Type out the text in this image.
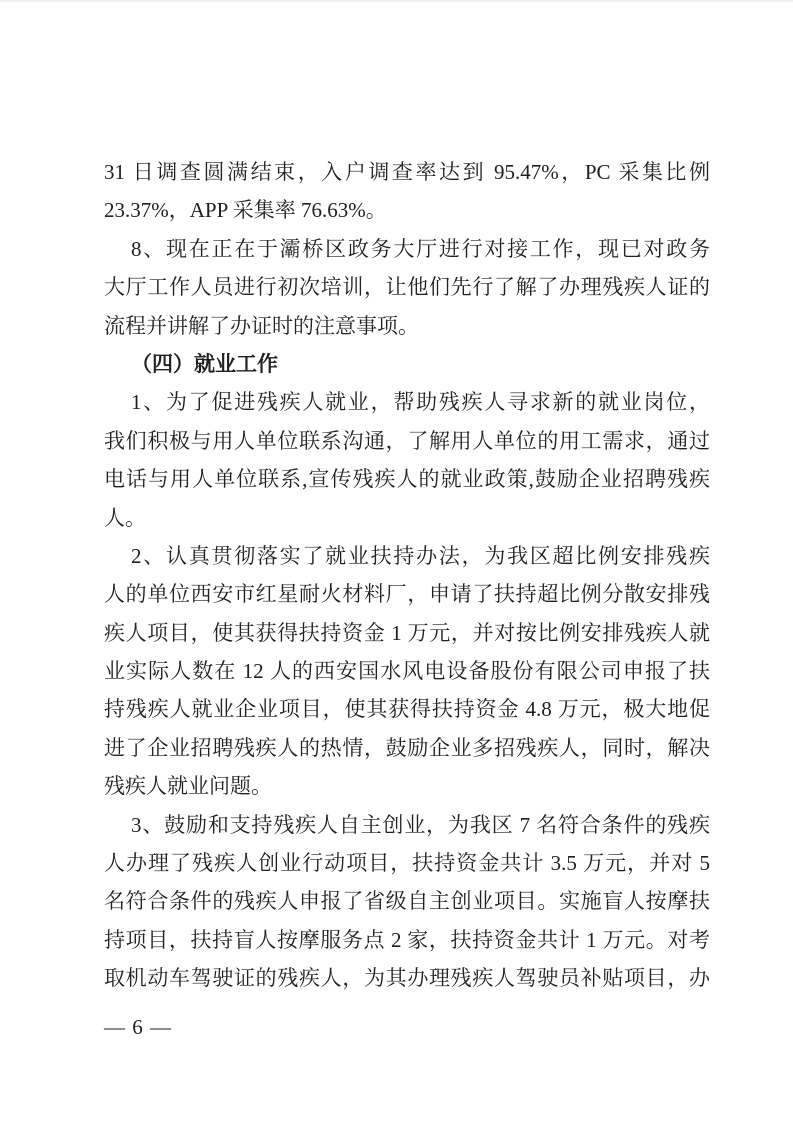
31 日调查圆满结束，入户调查率达到 95.47%，PC 采集比例
23.37%，APP 采集率 76.63%。
8、现在正在于灞桥区政务大厅进行对接工作，现已对政务
大厅工作人员进行初次培训，让他们先行了解了办理残疾人证的
流程并讲解了办证时的注意事项。
（四）就业工作
1、为了促进残疾人就业，帮助残疾人寻求新的就业岗位，
我们积极与用人单位联系沟通，了解用人单位的用工需求，通过
电话与用人单位联系,宣传残疾人的就业政策,鼓励企业招聘残疾
人。
2、认真贯彻落实了就业扶持办法，为我区超比例安排残疾
人的单位西安市红星耐火材料厂，申请了扶持超比例分散安排残
疾人项目，使其获得扶持资金 1 万元，并对按比例安排残疾人就
业实际人数在 12 人的西安国水风电设备股份有限公司申报了扶
持残疾人就业企业项目，使其获得扶持资金 4.8 万元，极大地促
进了企业招聘残疾人的热情，鼓励企业多招残疾人，同时，解决
残疾人就业问题。
3、鼓励和支持残疾人自主创业，为我区 7 名符合条件的残疾
人办理了残疾人创业行动项目，扶持资金共计 3.5 万元，并对 5
名符合条件的残疾人申报了省级自主创业项目。实施盲人按摩扶
持项目，扶持盲人按摩服务点 2 家，扶持资金共计 1 万元。对考
取机动车驾驶证的残疾人，为其办理残疾人驾驶员补贴项目，办
— 6 —
